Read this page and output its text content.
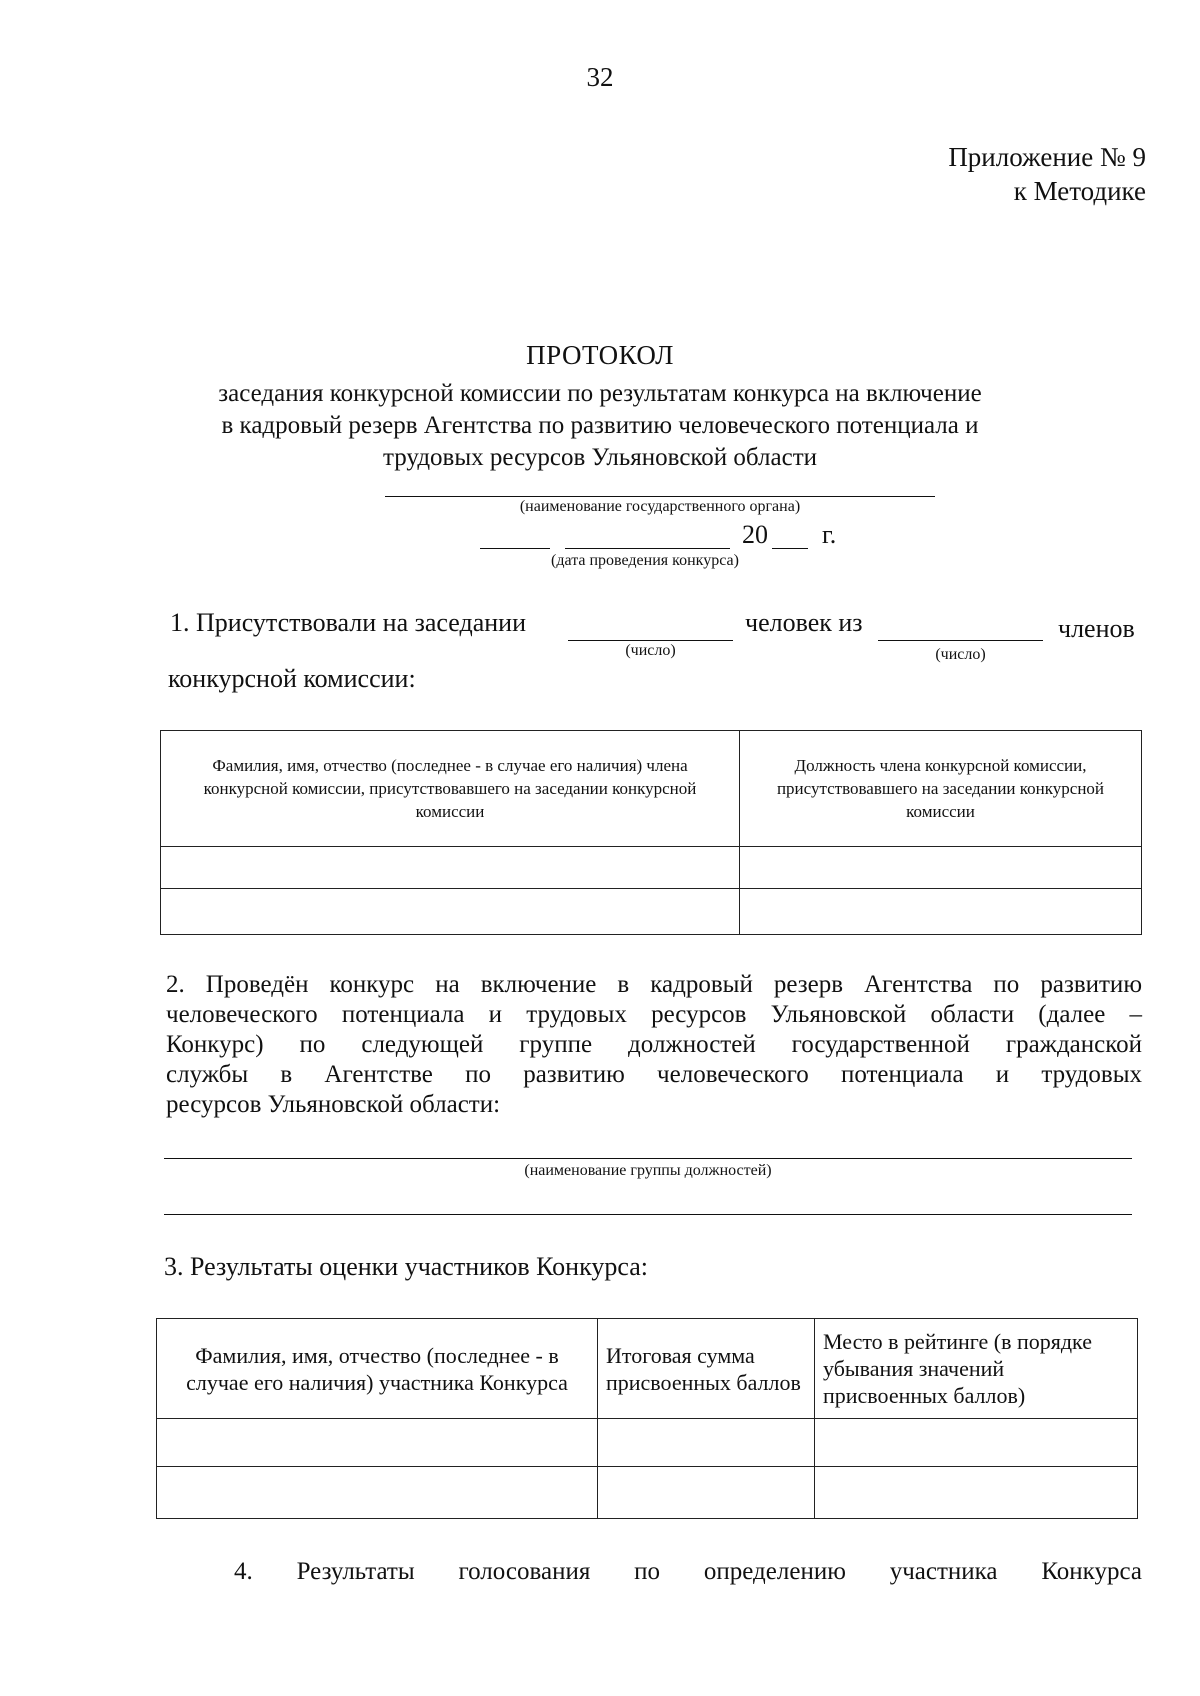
32
Приложение № 9
к Методике
ПРОТОКОЛ
заседания конкурсной комиссии по результатам конкурса на включение
в кадровый резерв Агентства по развитию человеческого потенциала и
трудовых ресурсов Ульяновской области
(наименование государственного органа)
20 г.
(дата проведения конкурса)
1. Присутствовали на заседании
(число)
человек из
(число)
членов
конкурсной комиссии:
Фамилия, имя, отчество (последнее - в случае его наличия) члена конкурсной комиссии, присутствовавшего на заседании конкурсной комиссии	Должность члена конкурсной комиссии, присутствовавшего на заседании конкурсной комиссии

2. Проведён конкурс на включение в кадровый резерв Агентства по развитию
человеческого потенциала и трудовых ресурсов Ульяновской области (далее –
Конкурс) по следующей группе должностей государственной гражданской
службы в Агентстве по развитию человеческого потенциала и трудовых
ресурсов Ульяновской области:
(наименование группы должностей)
3. Результаты оценки участников Конкурса:
Фамилия, имя, отчество (последнее - в случае его наличия) участника Конкурса	Итоговая сумма присвоенных баллов	Место в рейтинге (в порядке убывания значений присвоенных баллов)

4. Результаты голосования по определению участника Конкурса
